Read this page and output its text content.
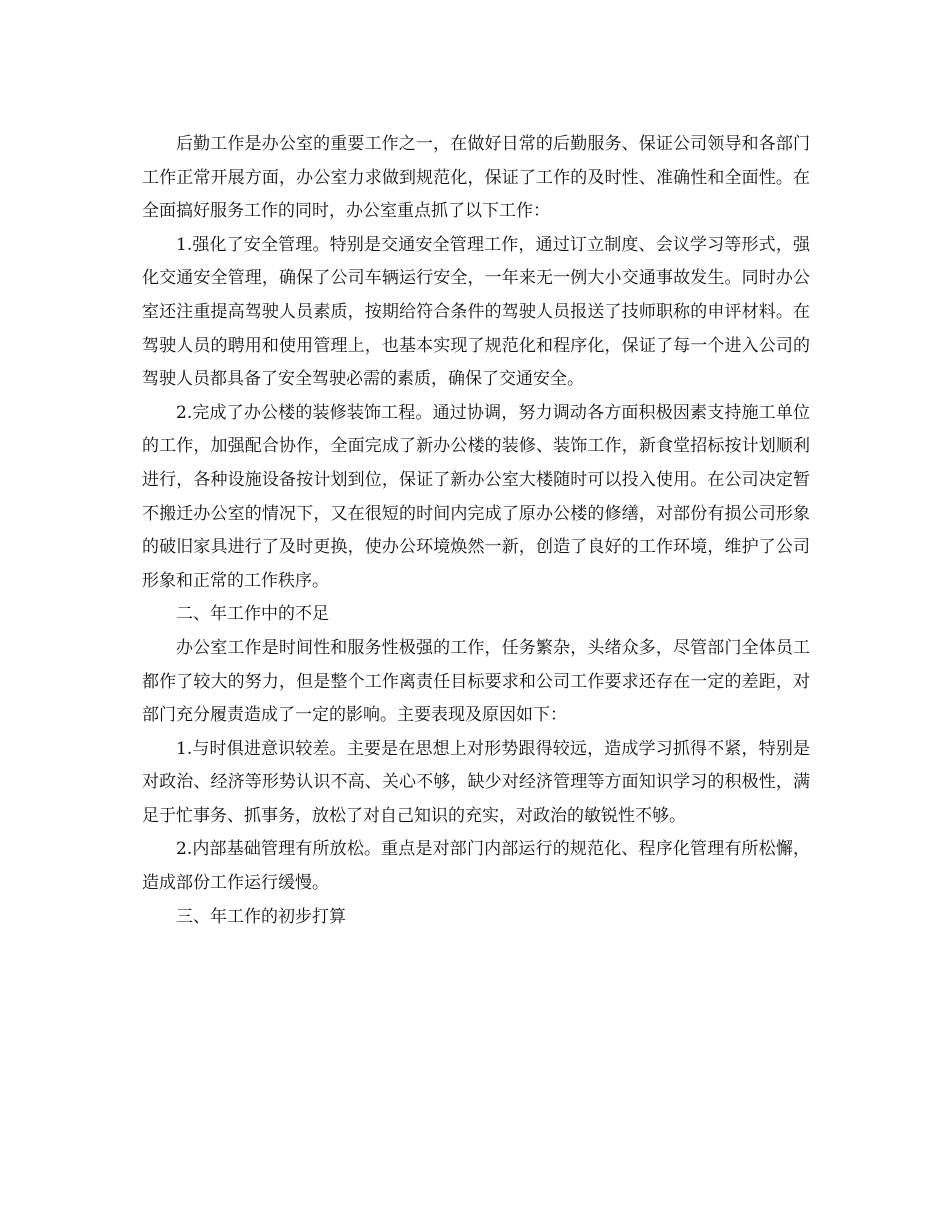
后勤工作是办公室的重要工作之一，在做好日常的后勤服务、保证公司领导和各部门工作正常开展方面，办公室力求做到规范化，保证了工作的及时性、准确性和全面性。在全面搞好服务工作的同时，办公室重点抓了以下工作：

1.强化了安全管理。特别是交通安全管理工作，通过订立制度、会议学习等形式，强化交通安全管理，确保了公司车辆运行安全，一年来无一例大小交通事故发生。同时办公室还注重提高驾驶人员素质，按期给符合条件的驾驶人员报送了技师职称的申评材料。在驾驶人员的聘用和使用管理上，也基本实现了规范化和程序化，保证了每一个进入公司的驾驶人员都具备了安全驾驶必需的素质，确保了交通安全。

2.完成了办公楼的装修装饰工程。通过协调，努力调动各方面积极因素支持施工单位的工作，加强配合协作，全面完成了新办公楼的装修、装饰工作，新食堂招标按计划顺利进行，各种设施设备按计划到位，保证了新办公室大楼随时可以投入使用。在公司决定暂不搬迁办公室的情况下，又在很短的时间内完成了原办公楼的修缮，对部份有损公司形象的破旧家具进行了及时更换，使办公环境焕然一新，创造了良好的工作环境，维护了公司形象和正常的工作秩序。

二、年工作中的不足

办公室工作是时间性和服务性极强的工作，任务繁杂，头绪众多，尽管部门全体员工都作了较大的努力，但是整个工作离责任目标要求和公司工作要求还存在一定的差距，对部门充分履责造成了一定的影响。主要表现及原因如下：

1.与时俱进意识较差。主要是在思想上对形势跟得较远，造成学习抓得不紧，特别是对政治、经济等形势认识不高、关心不够，缺少对经济管理等方面知识学习的积极性，满足于忙事务、抓事务，放松了对自己知识的充实，对政治的敏锐性不够。

2.内部基础管理有所放松。重点是对部门内部运行的规范化、程序化管理有所松懈，造成部份工作运行缓慢。

三、年工作的初步打算
